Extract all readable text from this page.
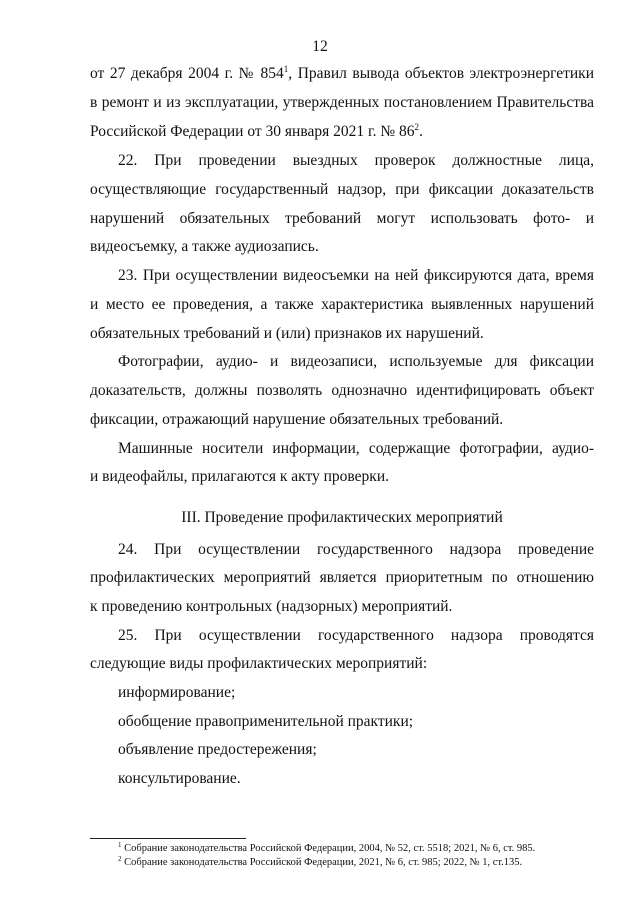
12
от 27 декабря 2004 г. № $854^1$, Правил вывода объектов электроэнергетики
в ремонт и из эксплуатации, утвержденных постановлением Правительства
Российской Федерации от 30 января 2021 г. № $86^2$.
22. При проведении выездных проверок должностные лица,
осуществляющие государственный надзор, при фиксации доказательств
нарушений обязательных требований могут использовать фото- и
видеосъемку, а также аудиозапись.
23. При осуществлении видеосъемки на ней фиксируются дата, время
и место ее проведения, а также характеристика выявленных нарушений
обязательных требований и (или) признаков их нарушений.
Фотографии, аудио- и видеозаписи, используемые для фиксации
доказательств, должны позволять однозначно идентифицировать объект
фиксации, отражающий нарушение обязательных требований.
Машинные носители информации, содержащие фотографии, аудио-
и видеофайлы, прилагаются к акту проверки.
III. Проведение профилактических мероприятий
24. При осуществлении государственного надзора проведение
профилактических мероприятий является приоритетным по отношению
к проведению контрольных (надзорных) мероприятий.
25. При осуществлении государственного надзора проводятся
следующие виды профилактических мероприятий:
информирование;
обобщение правоприменительной практики;
объявление предостережения;
консультирование.
$^1$ Собрание законодательства Российской Федерации, 2004, № 52, ст. 5518; 2021, № 6, ст. 985.
$^2$ Собрание законодательства Российской Федерации, 2021, № 6, ст. 985; 2022, № 1, ст.135.
